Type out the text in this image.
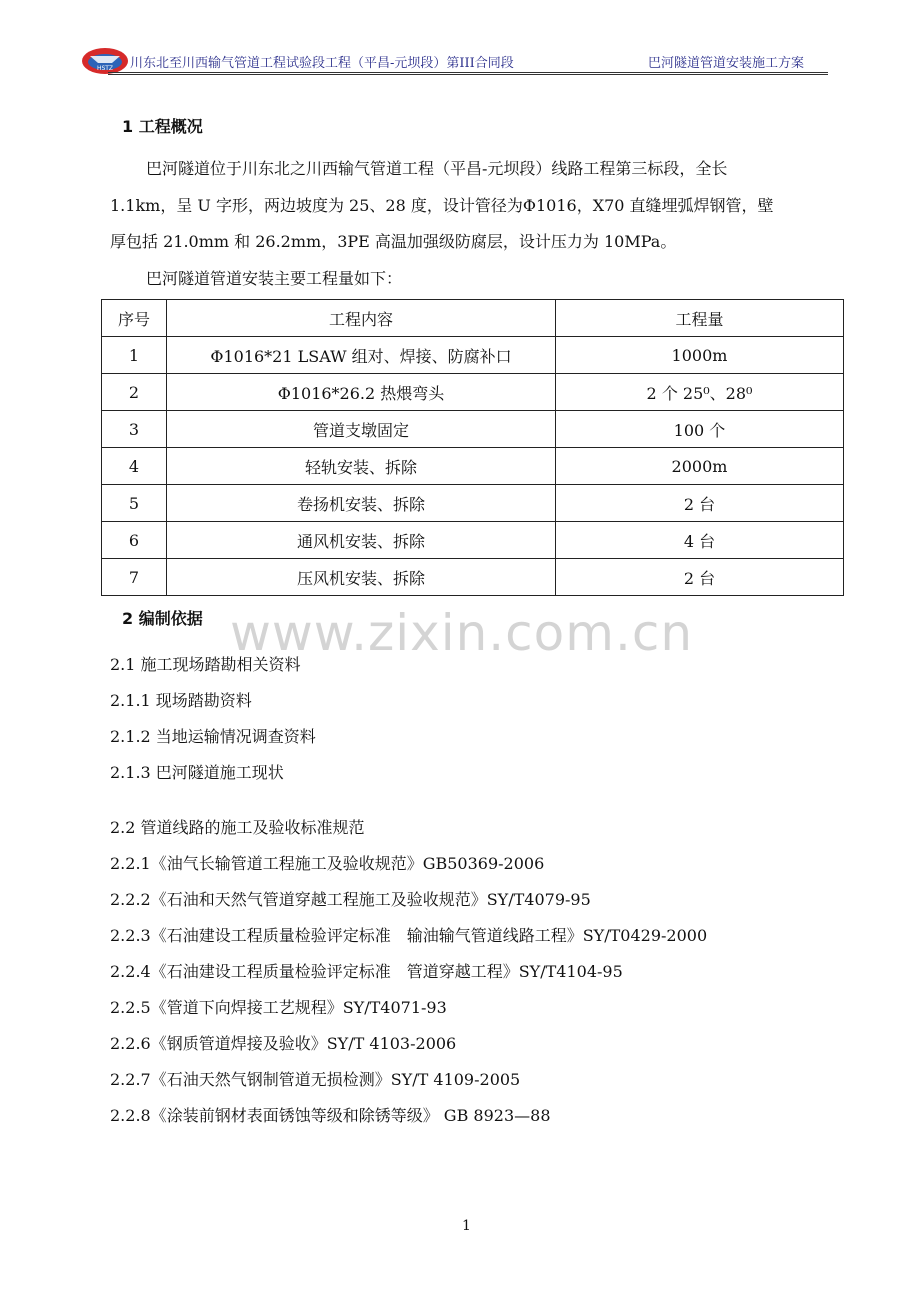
HSTZ 川东北至川西输气管道工程试验段工程（平昌-元坝段）第III合同段	巴河隧道管道安装施工方案
1 工程概况
巴河隧道位于川东北之川西输气管道工程（平昌-元坝段）线路工程第三标段，全长
1.1km，呈 U 字形，两边坡度为 25、28 度，设计管径为Φ1016，X70 直缝埋弧焊钢管，壁
厚包括 21.0mm 和 26.2mm，3PE 高温加强级防腐层，设计压力为 10MPa。
巴河隧道管道安装主要工程量如下：
序号	工程内容	工程量
1	Φ1016*21 LSAW 组对、焊接、防腐补口	1000m
2	Φ1016*26.2 热煨弯头	2 个 25⁰、28⁰
3	管道支墩固定	100 个
4	轻轨安装、拆除	2000m
5	卷扬机安装、拆除	2 台
6	通风机安装、拆除	4 台
7	压风机安装、拆除	2 台
2 编制依据 www.zixin.com.cn
2.1 施工现场踏勘相关资料
2.1.1 现场踏勘资料
2.1.2 当地运输情况调查资料
2.1.3 巴河隧道施工现状
2.2 管道线路的施工及验收标准规范
2.2.1《油气长输管道工程施工及验收规范》GB50369-2006
2.2.2《石油和天然气管道穿越工程施工及验收规范》SY/T4079-95
2.2.3《石油建设工程质量检验评定标准　输油输气管道线路工程》SY/T0429-2000
2.2.4《石油建设工程质量检验评定标准　管道穿越工程》SY/T4104-95
2.2.5《管道下向焊接工艺规程》SY/T4071-93
2.2.6《钢质管道焊接及验收》SY/T 4103-2006
2.2.7《石油天然气钢制管道无损检测》SY/T 4109-2005
2.2.8《涂装前钢材表面锈蚀等级和除锈等级》 GB 8923—88
1
